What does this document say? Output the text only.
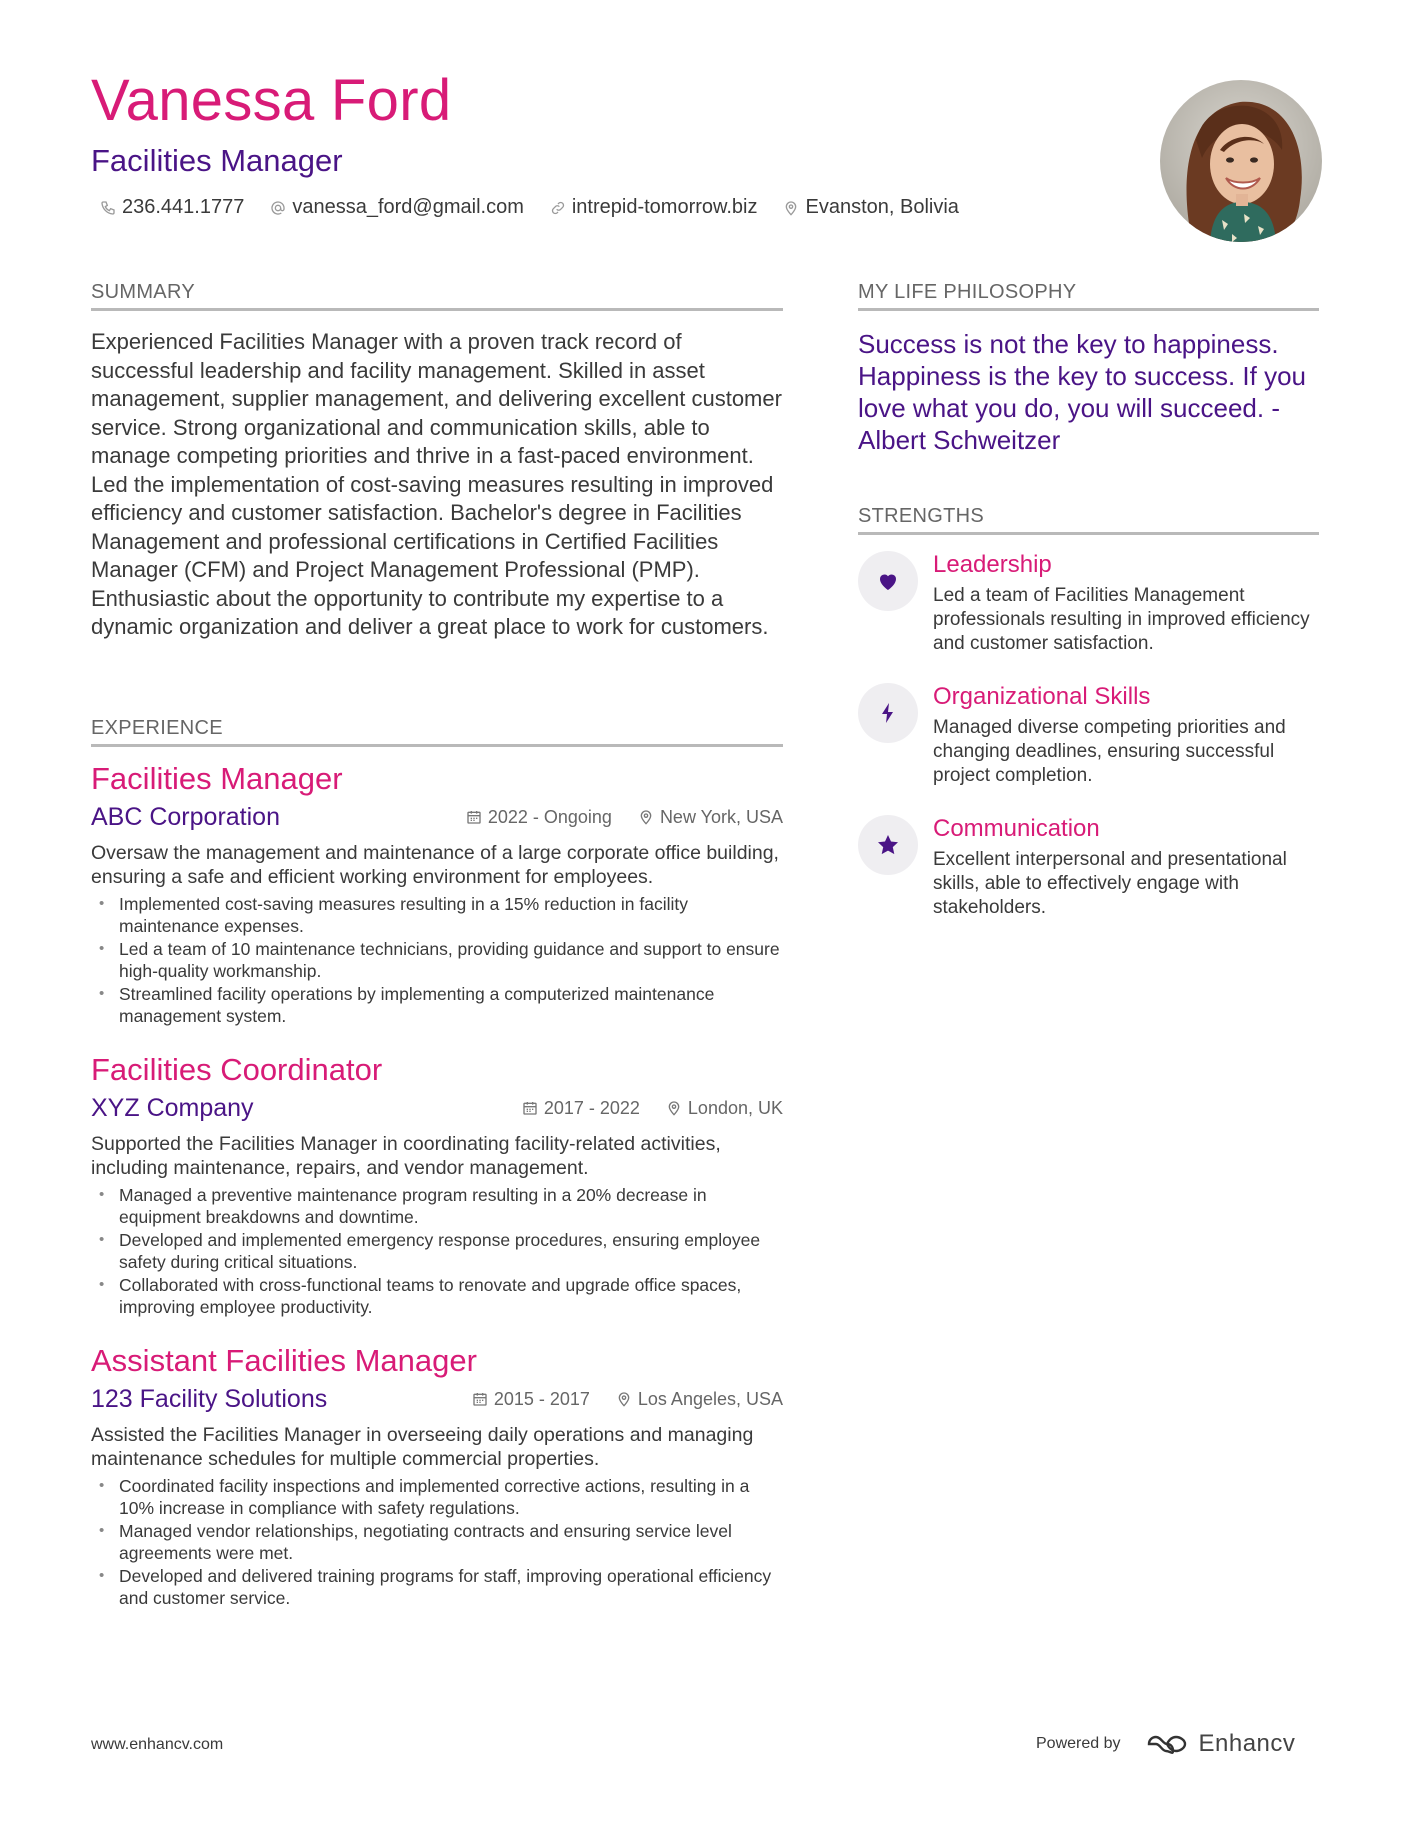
Vanessa Ford
Facilities Manager
236.441.1777 vanessa_ford@gmail.com intrepid-tomorrow.biz Evanston, Bolivia
SUMMARY

Experienced Facilities Manager with a proven track record of successful leadership and facility management. Skilled in asset management, supplier management, and delivering excellent customer service. Strong organizational and communication skills, able to manage competing priorities and thrive in a fast-paced environment. Led the implementation of cost-saving measures resulting in improved efficiency and customer satisfaction. Bachelor's degree in Facilities Management and professional certifications in Certified Facilities Manager (CFM) and Project Management Professional (PMP). Enthusiastic about the opportunity to contribute my expertise to a dynamic organization and deliver a great place to work for customers.

EXPERIENCE
Facilities Manager
ABC Corporation	2022 - Ongoing	New York, USA

Oversaw the management and maintenance of a large corporate office building, ensuring a safe and efficient working environment for employees.

• Implemented cost-saving measures resulting in a 15% reduction in facility maintenance expenses.
• Led a team of 10 maintenance technicians, providing guidance and support to ensure high-quality workmanship.
• Streamlined facility operations by implementing a computerized maintenance management system.
Facilities Coordinator
XYZ Company	2017 - 2022	London, UK

Supported the Facilities Manager in coordinating facility-related activities, including maintenance, repairs, and vendor management.

• Managed a preventive maintenance program resulting in a 20% decrease in equipment breakdowns and downtime.
• Developed and implemented emergency response procedures, ensuring employee safety during critical situations.
• Collaborated with cross-functional teams to renovate and upgrade office spaces, improving employee productivity.
Assistant Facilities Manager
123 Facility Solutions	2015 - 2017	Los Angeles, USA

Assisted the Facilities Manager in overseeing daily operations and managing maintenance schedules for multiple commercial properties.

• Coordinated facility inspections and implemented corrective actions, resulting in a 10% increase in compliance with safety regulations.
• Managed vendor relationships, negotiating contracts and ensuring service level agreements were met.
• Developed and delivered training programs for staff, improving operational efficiency and customer service.
MY LIFE PHILOSOPHY

Success is not the key to happiness. Happiness is the key to success. If you love what you do, you will succeed. - Albert Schweitzer

STRENGTHS
Leadership
Led a team of Facilities Management professionals resulting in improved efficiency and customer satisfaction.
Organizational Skills
Managed diverse competing priorities and changing deadlines, ensuring successful project completion.
Communication
Excellent interpersonal and presentational skills, able to effectively engage with stakeholders.
www.enhancv.com	Powered by	Enhancv
